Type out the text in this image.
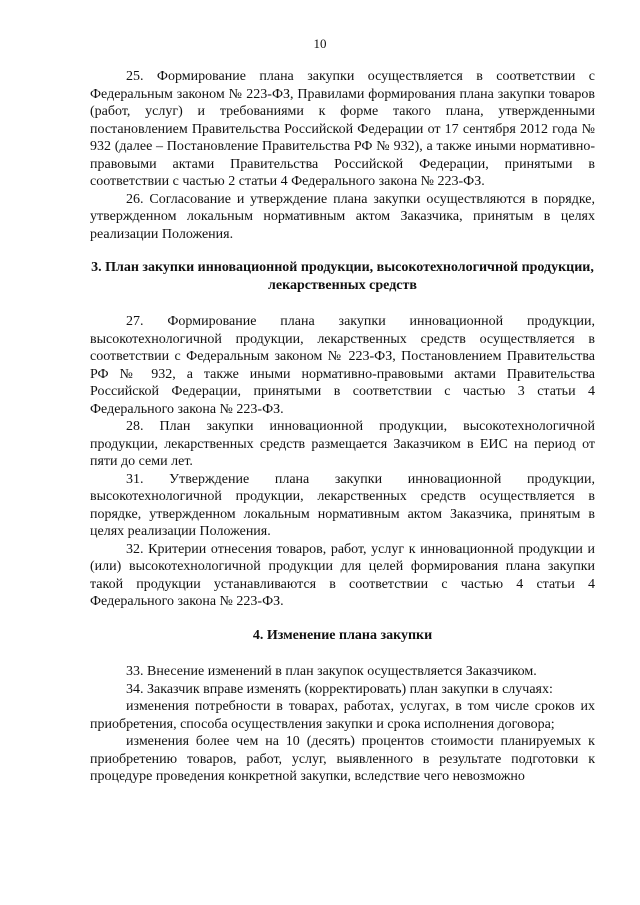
10

25. Формирование плана закупки осуществляется в соответствии с Федеральным законом № 223-ФЗ, Правилами формирования плана закупки товаров (работ, услуг) и требованиями к форме такого плана, утвержденными постановлением Правительства Российской Федерации от 17 сентября 2012 года № 932 (далее – Постановление Правительства РФ № 932), а также иными нормативно-правовыми актами Правительства Российской Федерации, принятыми в соответствии с частью 2 статьи 4 Федерального закона № 223-ФЗ.

26. Согласование и утверждение плана закупки осуществляются в порядке, утвержденном локальным нормативным актом Заказчика, принятым в целях реализации Положения.

3. План закупки инновационной продукции, высокотехнологичной продукции, лекарственных средств

27. Формирование плана закупки инновационной продукции, высокотехнологичной продукции, лекарственных средств осуществляется в соответствии с Федеральным законом № 223-ФЗ, Постановлением Правительства РФ № 932, а также иными нормативно-правовыми актами Правительства Российской Федерации, принятыми в соответствии с частью 3 статьи 4 Федерального закона № 223-ФЗ.

28. План закупки инновационной продукции, высокотехнологичной продукции, лекарственных средств размещается Заказчиком в ЕИС на период от пяти до семи лет.

31. Утверждение плана закупки инновационной продукции, высокотехнологичной продукции, лекарственных средств осуществляется в порядке, утвержденном локальным нормативным актом Заказчика, принятым в целях реализации Положения.

32. Критерии отнесения товаров, работ, услуг к инновационной продукции и (или) высокотехнологичной продукции для целей формирования плана закупки такой продукции устанавливаются в соответствии с частью 4 статьи 4 Федерального закона № 223-ФЗ.

4. Изменение плана закупки

33. Внесение изменений в план закупок осуществляется Заказчиком.

34. Заказчик вправе изменять (корректировать) план закупки в случаях:

изменения потребности в товарах, работах, услугах, в том числе сроков их приобретения, способа осуществления закупки и срока исполнения договора;

изменения более чем на 10 (десять) процентов стоимости планируемых к приобретению товаров, работ, услуг, выявленного в результате подготовки к процедуре проведения конкретной закупки, вследствие чего невозможно
